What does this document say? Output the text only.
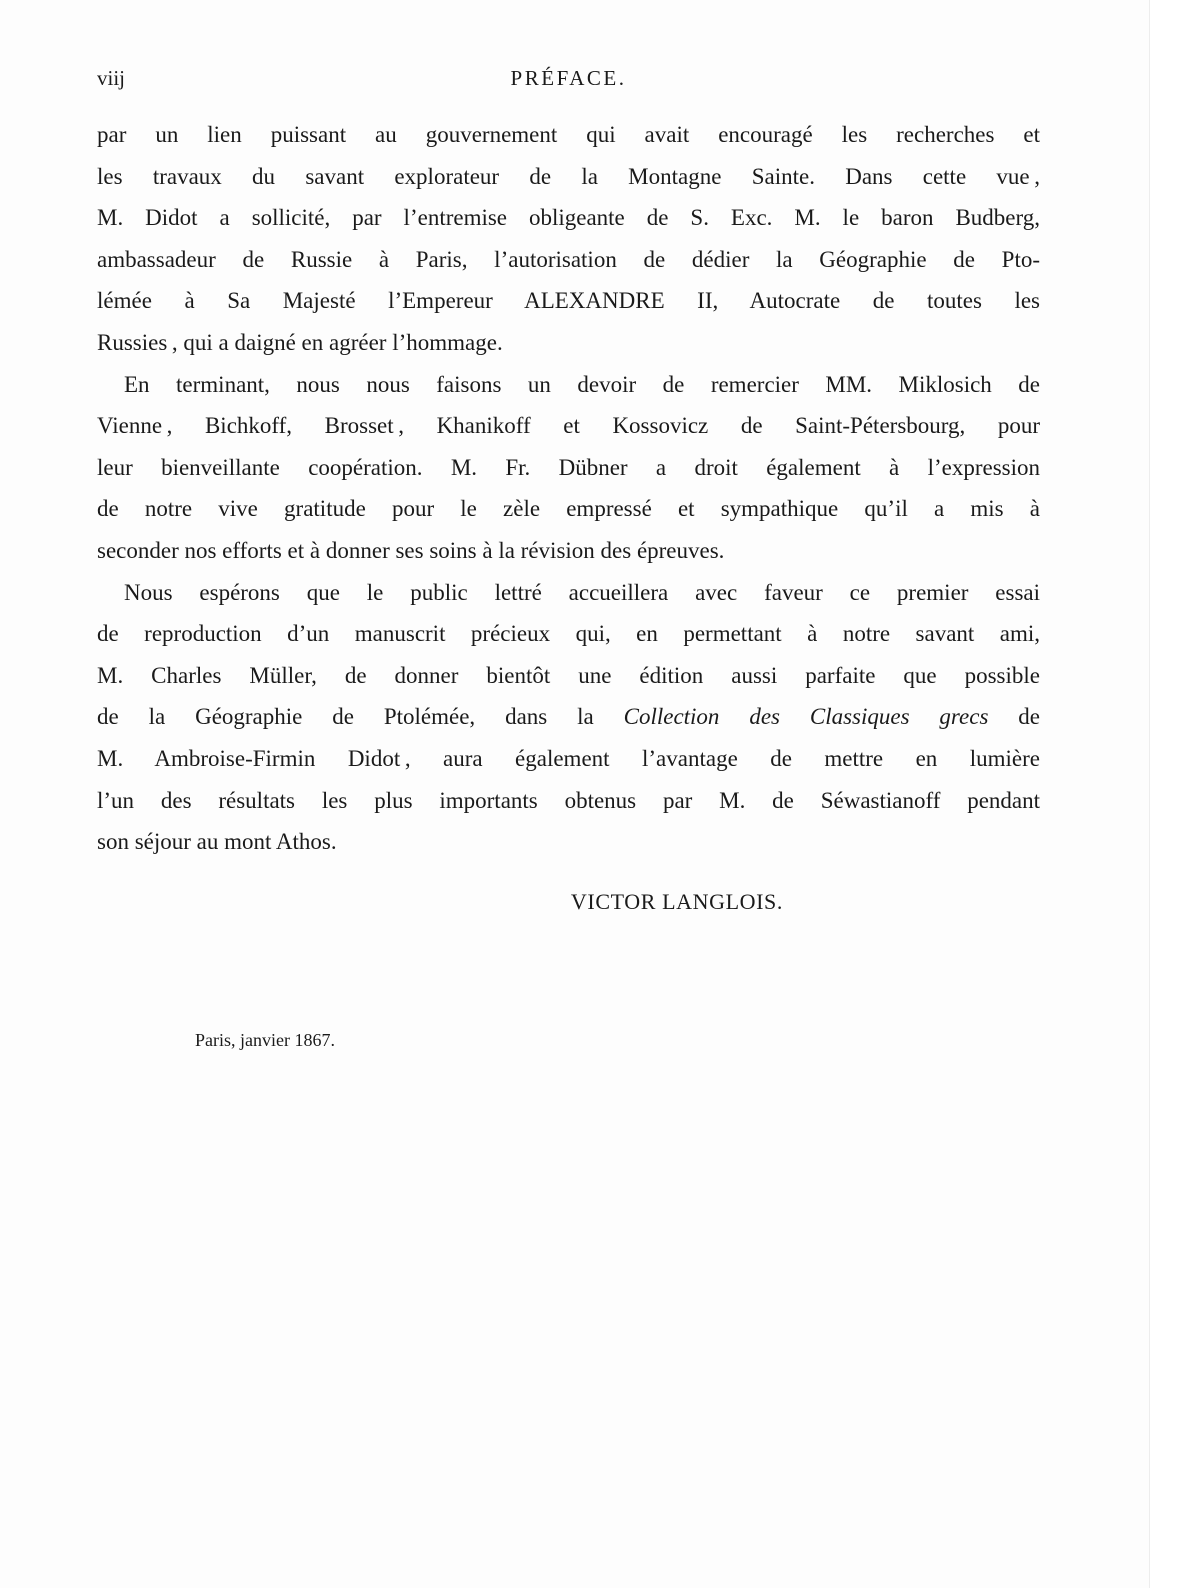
viij	PRÉFACE.
par un lien puissant au gouvernement qui avait encouragé les recherches et
les travaux du savant explorateur de la Montagne Sainte. Dans cette vue ,
M. Didot a sollicité, par l’entremise obligeante de S. Exc. M. le baron Budberg,
ambassadeur de Russie à Paris, l’autorisation de dédier la Géographie de Pto-
lémée à Sa Majesté l’Empereur ALEXANDRE II, Autocrate de toutes les
Russies , qui a daigné en agréer l’hommage.
En terminant, nous nous faisons un devoir de remercier MM. Miklosich de
Vienne , Bichkoff, Brosset , Khanikoff et Kossovicz de Saint-Pétersbourg, pour
leur bienveillante coopération. M. Fr. Dübner a droit également à l’expression
de notre vive gratitude pour le zèle empressé et sympathique qu’il a mis à
seconder nos efforts et à donner ses soins à la révision des épreuves.
Nous espérons que le public lettré accueillera avec faveur ce premier essai
de reproduction d’un manuscrit précieux qui, en permettant à notre savant ami,
M. Charles Müller, de donner bientôt une édition aussi parfaite que possible
de la Géographie de Ptolémée, dans la Collection des Classiques grecs de
M. Ambroise-Firmin Didot , aura également l’avantage de mettre en lumière
l’un des résultats les plus importants obtenus par M. de Séwastianoff pendant
son séjour au mont Athos.
VICTOR LANGLOIS.
Paris, janvier 1867.
